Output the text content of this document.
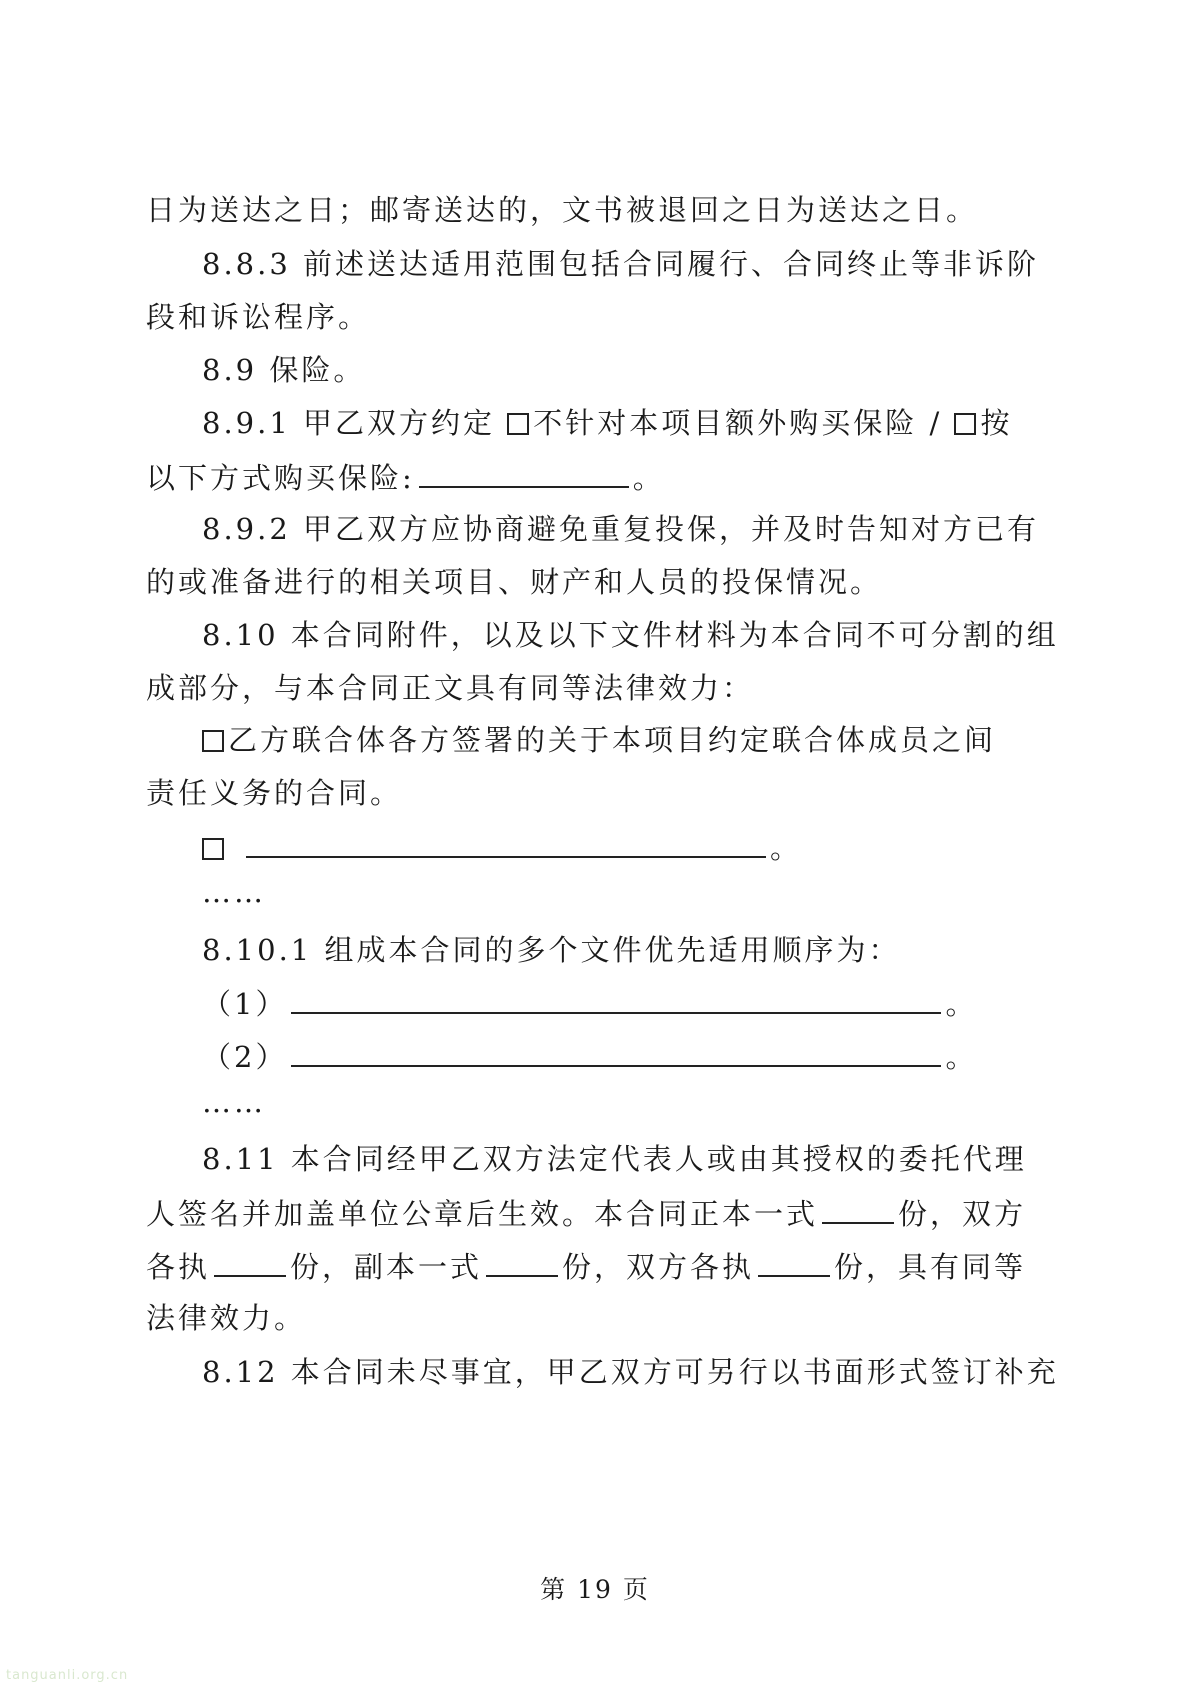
日为送达之日；邮寄送达的，文书被退回之日为送达之日。
8.8.3 前述送达适用范围包括合同履行、合同终止等非诉阶
段和诉讼程序。
8.9 保险。
8.9.1 甲乙双方约定 不针对本项目额外购买保险 / 按
以下方式购买保险:	。
8.9.2 甲乙双方应协商避免重复投保，并及时告知对方已有
的或准备进行的相关项目、财产和人员的投保情况。
8.10 本合同附件，以及以下文件材料为本合同不可分割的组
成部分，与本合同正文具有同等法律效力：
乙方联合体各方签署的关于本项目约定联合体成员之间
责任义务的合同。
。
……
8.10.1 组成本合同的多个文件优先适用顺序为：
（1）	。
（2）	。
……
8.11 本合同经甲乙双方法定代表人或由其授权的委托代理
人签名并加盖单位公章后生效。本合同正本一式	份，双方
各执	份，副本一式	份，双方各执	份，具有同等
法律效力。
8.12 本合同未尽事宜，甲乙双方可另行以书面形式签订补充
第 19 页
tanguanli.org.cn
